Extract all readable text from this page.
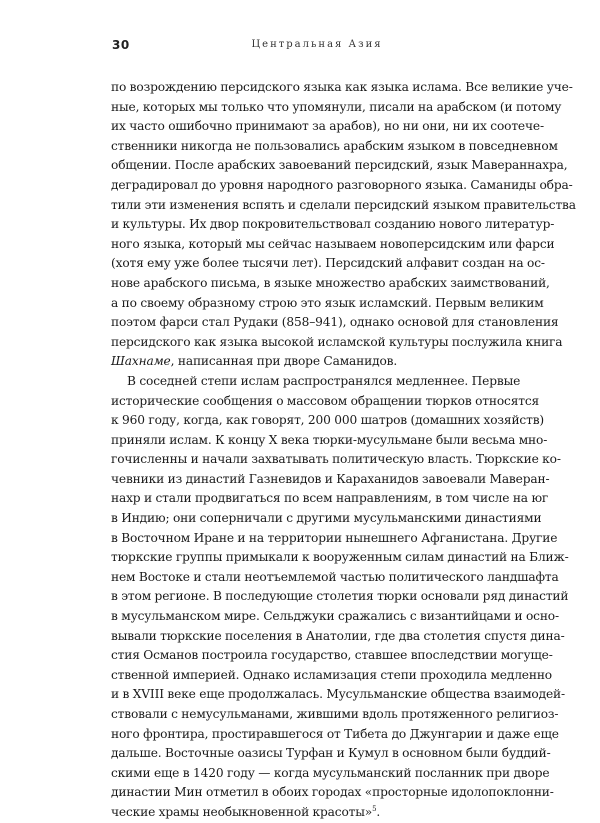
30	Центральная Азия
по возрождению персидского языка как языка ислама. Все великие уче-
ные, которых мы только что упомянули, писали на арабском (и потому
их часто ошибочно принимают за арабов), но ни они, ни их соотече-
ственники никогда не пользовались арабским языком в повседневном
общении. После арабских завоеваний персидский, язык Мавераннахра,
деградировал до уровня народного разговорного языка. Саманиды обра-
тили эти изменения вспять и сделали персидский языком правительства
и культуры. Их двор покровительствовал созданию нового литератур-
ного языка, который мы сейчас называем новоперсидским или фарси
(хотя ему уже более тысячи лет). Персидский алфавит создан на ос-
нове арабского письма, в языке множество арабских заимствований,
а по своему образному строю это язык исламский. Первым великим
поэтом фарси стал Рудаки (858–941), однако основой для становления
персидского как языка высокой исламской культуры послужила книга
Шахнаме, написанная при дворе Саманидов.
В соседней степи ислам распространялся медленнее. Первые
исторические сообщения о массовом обращении тюрков относятся
к 960 году, когда, как говорят, 200 000 шатров (домашних хозяйств)
приняли ислам. К концу X века тюрки-мусульмане были весьма мно-
гочисленны и начали захватывать политическую власть. Тюркские ко-
чевники из династий Газневидов и Караханидов завоевали Маверан-
нахр и стали продвигаться по всем направлениям, в том числе на юг
в Индию; они соперничали с другими мусульманскими династиями
в Восточном Иране и на территории нынешнего Афганистана. Другие
тюркские группы примыкали к вооруженным силам династий на Ближ-
нем Востоке и стали неотъемлемой частью политического ландшафта
в этом регионе. В последующие столетия тюрки основали ряд династий
в мусульманском мире. Сельджуки сражались с византийцами и осно-
вывали тюркские поселения в Анатолии, где два столетия спустя дина-
стия Османов построила государство, ставшее впоследствии могуще-
ственной империей. Однако исламизация степи проходила медленно
и в XVIII веке еще продолжалась. Мусульманские общества взаимодей-
ствовали с немусульманами, жившими вдоль протяженного религиоз-
ного фронтира, простиравшегося от Тибета до Джунгарии и даже еще
дальше. Восточные оазисы Турфан и Кумул в основном были буддий-
скими еще в 1420 году — когда мусульманский посланник при дворе
династии Мин отметил в обоих городах «просторные идолопоклонни-
ческие храмы необыкновенной красоты»$^5$.
